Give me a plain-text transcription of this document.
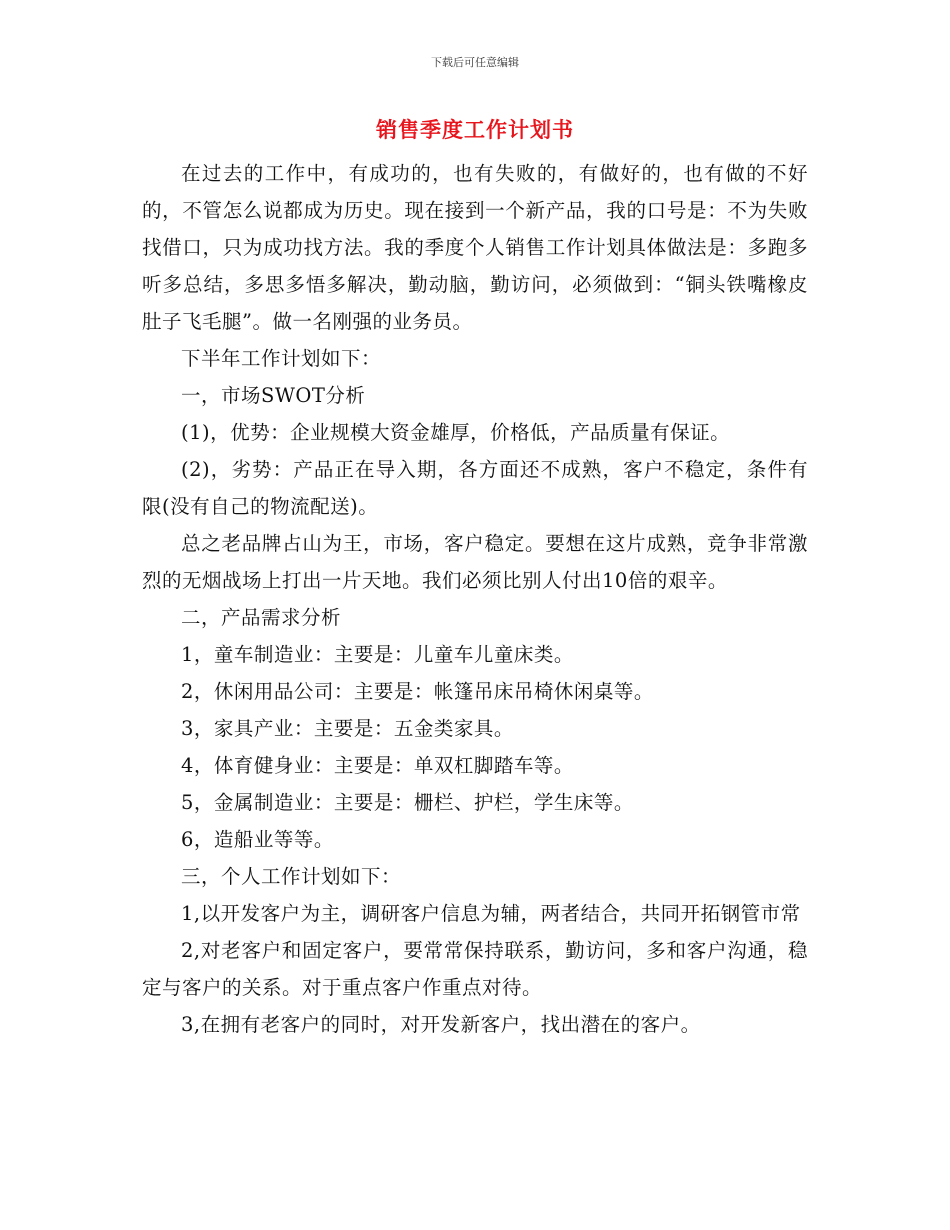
下载后可任意编辑
销售季度工作计划书

在过去的工作中，有成功的，也有失败的，有做好的，也有做的不好的，不管怎么说都成为历史。现在接到一个新产品，我的口号是：不为失败找借口，只为成功找方法。我的季度个人销售工作计划具体做法是：多跑多听多总结，多思多悟多解决，勤动脑，勤访问，必须做到：“铜头铁嘴橡皮肚子飞毛腿”。做一名刚强的业务员。

下半年工作计划如下：

一，市场SWOT分析

(1)，优势：企业规模大资金雄厚，价格低，产品质量有保证。

(2)，劣势：产品正在导入期，各方面还不成熟，客户不稳定，条件有限(没有自己的物流配送)。

总之老品牌占山为王，市场，客户稳定。要想在这片成熟，竞争非常激烈的无烟战场上打出一片天地。我们必须比别人付出10倍的艰辛。

二，产品需求分析

1，童车制造业：主要是：儿童车儿童床类。

2，休闲用品公司：主要是：帐篷吊床吊椅休闲桌等。

3，家具产业：主要是：五金类家具。

4，体育健身业：主要是：单双杠脚踏车等。

5，金属制造业：主要是：栅栏、护栏，学生床等。

6，造船业等等。

三，个人工作计划如下：

1,以开发客户为主，调研客户信息为辅，两者结合，共同开拓钢管市常

2,对老客户和固定客户，要常常保持联系，勤访问，多和客户沟通，稳定与客户的关系。对于重点客户作重点对待。

3,在拥有老客户的同时，对开发新客户，找出潜在的客户。
